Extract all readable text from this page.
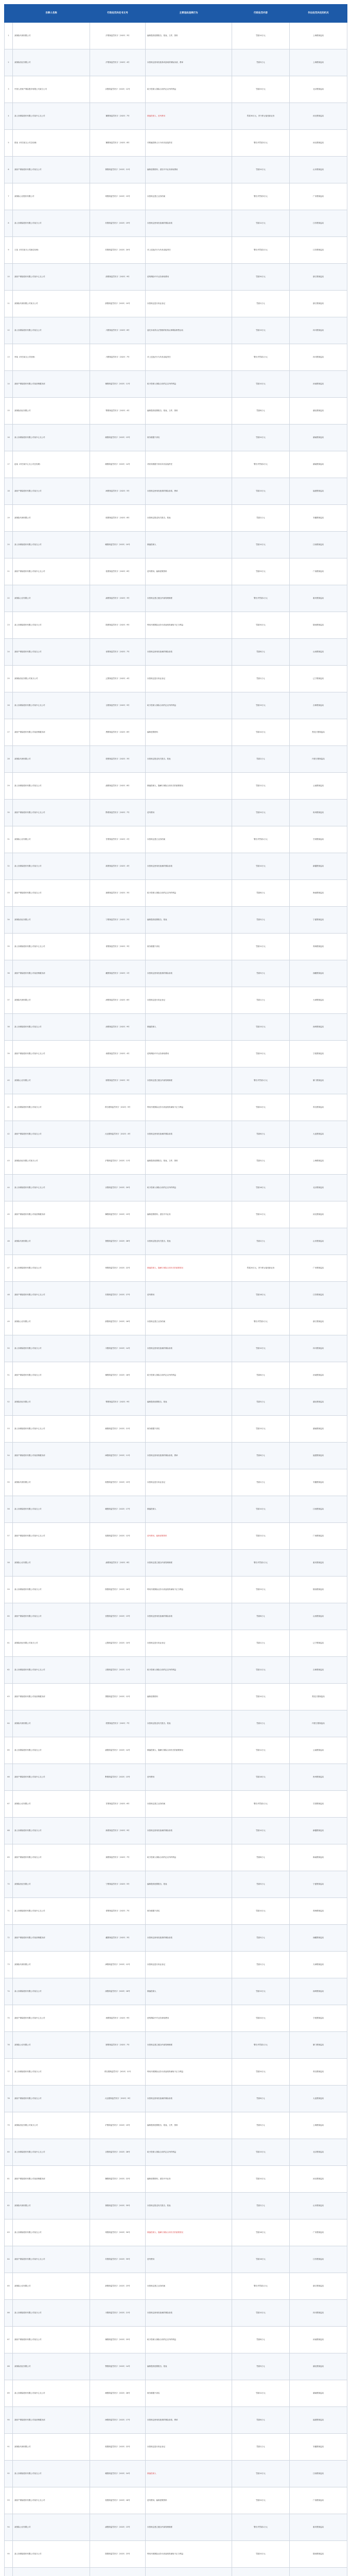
	当事人名称	行政处罚决定书文号	主要违法违规行为	行政处罚内容	作出处罚决定的机关
1	某保险代理有限公司	沪银保监罚决字〔2023〕3号	编制提供虚假报告、报表、文件、资料	罚款10万元	上海银保监局
2	某保险经纪有限公司	沪银保监罚决字〔2023〕4号	未按规定使用经批准或备案的保险条款、费率	罚款5万元	上海银保监局
3	中国人民财产保险股份有限公司某分公司	京银保监罚决字〔2023〕12号	给予投保人保险合同约定以外的利益	罚款25万元	北京银保监局
4	某人寿保险股份有限公司某中心支公司	冀银保监罚决字〔2023〕7号	欺骗投保人、虚列费用	罚款30万元，责令停止接受新业务	河北银保监局
5	张某（时任某支公司总经理）	冀银保监罚决字〔2023〕8号	对欺骗投保人行为负有直接责任	警告并罚款3万元	河北银保监局
6	某财产保险股份有限公司某支公司	鲁银保监罚决字〔2023〕21号	编制虚假资料、虚挂中介业务套取费用	罚款20万元	山东银保监局
7	某保险公估股份有限公司	粤银保监罚决字〔2023〕15号	未按规定建立业务档案	警告并罚款3万元	广东银保监局
8	某人寿保险股份有限公司某分公司	苏银保监罚决字〔2023〕19号	未按规定使用经备案的保险条款	罚款12万元	江苏银保监局
9	王某（时任某分公司副总经理）	苏银保监罚决字〔2023〕20号	对上述违法行为负有直接责任	警告并罚款2万元	江苏银保监局
10	某财产保险股份有限公司某中心支公司	浙银保监罚决字〔2023〕9号	虚构保险中介业务套取费用	罚款30万元	浙江银保监局
11	某保险代理有限公司某分公司	浙银保监罚决字〔2023〕10号	未按规定进行执业登记	罚款1万元	浙江银保监局
12	某人寿保险股份有限公司某支公司	川银保监罚决字〔2023〕6号	委托未取得合法资格的机构从事保险销售活动	罚款15万元	四川银保监局
13	李某（时任某支公司经理）	川银保监罚决字〔2023〕7号	对上述违法行为负有直接责任	警告并罚款1万元	四川银保监局
14	某财产保险股份有限公司某营销服务部	豫银保监罚决字〔2023〕11号	给予投保人保险合同约定以外的利益	罚款10万元	河南银保监局
15	某保险经纪有限公司	鄂银保监罚决字〔2023〕4号	编制提供虚假报告、报表、文件、资料	罚款8万元	湖北银保监局
16	某人寿保险股份有限公司某中心支公司	湘银保监罚决字〔2023〕13号	财务数据不真实	罚款20万元	湖南银保监局
17	赵某（时任某中心支公司总经理）	湘银保监罚决字〔2023〕14号	对财务数据不真实负有直接责任	警告并罚款2万元	湖南银保监局
18	某财产保险股份有限公司某分公司	闽银保监罚决字〔2023〕5号	未按规定使用经批准的保险条款、费率	罚款15万元	福建银保监局
19	某保险代理有限公司	皖银保监罚决字〔2023〕8号	未按规定报送有关报告、报表	罚款2万元	安徽银保监局
20	某人寿保险股份有限公司某支公司	赣银保监罚决字〔2023〕10号	欺骗投保人	罚款10万元	江西银保监局
21	某财产保险股份有限公司某中心支公司	桂银保监罚决字〔2023〕6号	虚列费用、编制虚假资料	罚款25万元	广西银保监局
22	某保险公估有限公司	渝银保监罚决字〔2023〕3号	未按规定建立健全内部管理制度	警告并罚款1万元	重庆银保监局
23	某人寿保险股份有限公司某分公司	陕银保监罚决字〔2023〕9号	利用开展保险业务为其他机构谋取不正当利益	罚款30万元	陕西银保监局
24	某财产保险股份有限公司某支公司	晋银保监罚决字〔2023〕7号	未按规定使用经备案的保险条款	罚款8万元	山西银保监局
25	某保险经纪有限公司某分公司	辽银保监罚决字〔2023〕4号	未按规定进行执业登记	罚款1万元	辽宁银保监局
26	某人寿保险股份有限公司某中心支公司	吉银保监罚决字〔2023〕5号	给予投保人保险合同约定以外的利益	罚款15万元	吉林银保监局
27	某财产保险股份有限公司某营销服务部	黑银保监罚决字〔2023〕6号	编制虚假资料	罚款10万元	黑龙江银保监局
28	某保险代理有限公司	蒙银保监罚决字〔2023〕3号	未按规定报送有关报告、报表	罚款2万元	内蒙古银保监局
29	某人寿保险股份有限公司某支公司	滇银保监罚决字〔2023〕8号	欺骗投保人、隐瞒与保险合同有关的重要情况	罚款12万元	云南银保监局
30	某财产保险股份有限公司某中心支公司	黔银保监罚决字〔2023〕7号	虚列费用	罚款20万元	贵州银保监局
31	某保险公估有限公司	甘银保监罚决字〔2023〕2号	未按规定建立业务档案	警告并罚款1万元	甘肃银保监局
32	某人寿保险股份有限公司某分公司	新银保监罚决字〔2023〕4号	未按规定使用经备案的保险条款	罚款10万元	新疆银保监局
33	某财产保险股份有限公司某支公司	琼银保监罚决字〔2023〕3号	给予投保人保险合同约定以外的利益	罚款8万元	海南银保监局
34	某保险经纪有限公司	宁银保监罚决字〔2023〕2号	编制提供虚假报告、报表	罚款5万元	宁夏银保监局
35	某人寿保险股份有限公司某中心支公司	青银保监罚决字〔2023〕3号	财务数据不真实	罚款12万元	青海银保监局
36	某财产保险股份有限公司某营销服务部	藏银保监罚决字〔2023〕1号	未按规定使用经批准的保险条款	罚款5万元	西藏银保监局
37	某保险代理有限公司	津银保监罚决字〔2023〕6号	未按规定进行执业登记	罚款1万元	天津银保监局
38	某人寿保险股份有限公司某支公司	深银保监罚决字〔2023〕9号	欺骗投保人	罚款15万元	深圳银保监局
39	某财产保险股份有限公司某中心支公司	甬银保监罚决字〔2023〕4号	虚构保险中介业务套取费用	罚款25万元	宁波银保监局
40	某保险公估有限公司	厦银保监罚决字〔2023〕3号	未按规定建立健全内部管理制度	警告并罚款1万元	厦门银保监局
41	某人寿保险股份有限公司某分公司	青岛银保监罚决字〔2023〕5号	利用开展保险业务为其他机构谋取不正当利益	罚款20万元	青岛银保监局
42	某财产保险股份有限公司某支公司	大连银保监罚决字〔2023〕4号	未按规定使用经备案的保险条款	罚款6万元	大连银保监局
43	某保险经纪有限公司某分公司	沪银保监罚决字〔2023〕11号	编制提供虚假报告、报表、文件、资料	罚款5万元	上海银保监局
44	某人寿保险股份有限公司某中心支公司	京银保监罚决字〔2023〕20号	给予投保人保险合同约定以外的利益	罚款18万元	北京银保监局
45	某财产保险股份有限公司某营销服务部	冀银保监罚决字〔2023〕15号	编制虚假资料、虚挂中介业务	罚款12万元	河北银保监局
46	某保险代理有限公司	鲁银保监罚决字〔2023〕28号	未按规定报送有关报告、报表	罚款2万元	山东银保监局
47	某人寿保险股份有限公司某支公司	粤银保监罚决字〔2023〕22号	欺骗投保人、隐瞒与保险合同有关的重要情况	罚款20万元，责令停止接受新业务	广东银保监局
48	某财产保险股份有限公司某中心支公司	苏银保监罚决字〔2023〕27号	虚列费用	罚款18万元	江苏银保监局
49	某保险公估有限公司	浙银保监罚决字〔2023〕16号	未按规定建立业务档案	警告并罚款1万元	浙江银保监局
50	某人寿保险股份有限公司某分公司	川银保监罚决字〔2023〕14号	未按规定使用经备案的保险条款	罚款10万元	四川银保监局
51	某财产保险股份有限公司某支公司	豫银保监罚决字〔2023〕18号	给予投保人保险合同约定以外的利益	罚款8万元	河南银保监局
52	某保险经纪有限公司	鄂银保监罚决字〔2023〕9号	编制提供虚假报告、报表	罚款5万元	湖北银保监局
53	某人寿保险股份有限公司某中心支公司	湘银保监罚决字〔2023〕21号	财务数据不真实	罚款15万元	湖南银保监局
54	某财产保险股份有限公司某营销服务部	闽银保监罚决字〔2023〕11号	未按规定使用经批准的保险条款、费率	罚款6万元	福建银保监局
55	某保险代理有限公司	皖银保监罚决字〔2023〕15号	未按规定进行执业登记	罚款1万元	安徽银保监局
56	某人寿保险股份有限公司某支公司	赣银保监罚决字〔2023〕17号	欺骗投保人	罚款10万元	江西银保监局
57	某财产保险股份有限公司某中心支公司	桂银保监罚决字〔2023〕12号	虚列费用、编制虚假资料	罚款22万元	广西银保监局
58	某保险公估有限公司	渝银保监罚决字〔2023〕8号	未按规定建立健全内部管理制度	警告并罚款1万元	重庆银保监局
59	某人寿保险股份有限公司某分公司	陕银保监罚决字〔2023〕16号	利用开展保险业务为其他机构谋取不正当利益	罚款25万元	陕西银保监局
60	某财产保险股份有限公司某支公司	晋银保监罚决字〔2023〕13号	未按规定使用经备案的保险条款	罚款8万元	山西银保监局
61	某保险经纪有限公司某分公司	辽银保监罚决字〔2023〕10号	未按规定进行执业登记	罚款1万元	辽宁银保监局
62	某人寿保险股份有限公司某中心支公司	吉银保监罚决字〔2023〕11号	给予投保人保险合同约定以外的利益	罚款12万元	吉林银保监局
63	某财产保险股份有限公司某营销服务部	黑银保监罚决字〔2023〕12号	编制虚假资料	罚款10万元	黑龙江银保监局
64	某保险代理有限公司	蒙银保监罚决字〔2023〕7号	未按规定报送有关报告、报表	罚款2万元	内蒙古银保监局
65	某人寿保险股份有限公司某支公司	滇银保监罚决字〔2023〕14号	欺骗投保人、隐瞒与保险合同有关的重要情况	罚款12万元	云南银保监局
66	某财产保险股份有限公司某中心支公司	黔银保监罚决字〔2023〕13号	虚列费用	罚款18万元	贵州银保监局
67	某保险公估有限公司	甘银保监罚决字〔2023〕6号	未按规定建立业务档案	警告并罚款1万元	甘肃银保监局
68	某人寿保险股份有限公司某分公司	新银保监罚决字〔2023〕9号	未按规定使用经备案的保险条款	罚款10万元	新疆银保监局
69	某财产保险股份有限公司某支公司	琼银保监罚决字〔2023〕7号	给予投保人保险合同约定以外的利益	罚款8万元	海南银保监局
70	某保险经纪有限公司	宁银保监罚决字〔2023〕5号	编制提供虚假报告、报表	罚款5万元	宁夏银保监局
71	某人寿保险股份有限公司某中心支公司	青银保监罚决字〔2023〕7号	财务数据不真实	罚款10万元	青海银保监局
72	某财产保险股份有限公司某营销服务部	藏银保监罚决字〔2023〕3号	未按规定使用经批准的保险条款	罚款5万元	西藏银保监局
73	某保险代理有限公司	津银保监罚决字〔2023〕12号	未按规定进行执业登记	罚款1万元	天津银保监局
74	某人寿保险股份有限公司某支公司	深银保监罚决字〔2023〕16号	欺骗投保人	罚款15万元	深圳银保监局
75	某财产保险股份有限公司某中心支公司	甬银保监罚决字〔2023〕9号	虚构保险中介业务套取费用	罚款20万元	宁波银保监局
76	某保险公估有限公司	厦银保监罚决字〔2023〕7号	未按规定建立健全内部管理制度	警告并罚款1万元	厦门银保监局
77	某人寿保险股份有限公司某分公司	青岛银保监罚决字〔2023〕11号	利用开展保险业务为其他机构谋取不正当利益	罚款20万元	青岛银保监局
78	某财产保险股份有限公司某支公司	大连银保监罚决字〔2023〕9号	未按规定使用经备案的保险条款	罚款6万元	大连银保监局
79	某保险经纪有限公司某分公司	沪银保监罚决字〔2023〕19号	编制提供虚假报告、报表、文件、资料	罚款5万元	上海银保监局
80	某人寿保险股份有限公司某中心支公司	京银保监罚决字〔2023〕28号	给予投保人保险合同约定以外的利益	罚款15万元	北京银保监局
81	某财产保险股份有限公司某营销服务部	冀银保监罚决字〔2023〕22号	编制虚假资料、虚挂中介业务	罚款10万元	河北银保监局
82	某保险代理有限公司	鲁银保监罚决字〔2023〕35号	未按规定报送有关报告、报表	罚款2万元	山东银保监局
83	某人寿保险股份有限公司某支公司	粤银保监罚决字〔2023〕30号	欺骗投保人、隐瞒与保险合同有关的重要情况	罚款18万元	广东银保监局
84	某财产保险股份有限公司某中心支公司	苏银保监罚决字〔2023〕35号	虚列费用	罚款16万元	江苏银保监局
85	某保险公估有限公司	浙银保监罚决字〔2023〕23号	未按规定建立业务档案	警告并罚款1万元	浙江银保监局
86	某人寿保险股份有限公司某分公司	川银保监罚决字〔2023〕21号	未按规定使用经备案的保险条款	罚款10万元	四川银保监局
87	某财产保险股份有限公司某支公司	豫银保监罚决字〔2023〕25号	给予投保人保险合同约定以外的利益	罚款8万元	河南银保监局
88	某保险经纪有限公司	鄂银保监罚决字〔2023〕14号	编制提供虚假报告、报表	罚款5万元	湖北银保监局
89	某人寿保险股份有限公司某中心支公司	湘银保监罚决字〔2023〕28号	财务数据不真实	罚款12万元	湖南银保监局
90	某财产保险股份有限公司某营销服务部	闽银保监罚决字〔2023〕17号	未按规定使用经批准的保险条款、费率	罚款6万元	福建银保监局
91	某保险代理有限公司	皖银保监罚决字〔2023〕22号	未按规定进行执业登记	罚款1万元	安徽银保监局
92	某人寿保险股份有限公司某支公司	赣银保监罚决字〔2023〕24号	欺骗投保人	罚款10万元	江西银保监局
93	某财产保险股份有限公司某中心支公司	桂银保监罚决字〔2023〕18号	虚列费用、编制虚假资料	罚款20万元	广西银保监局
94	某保险公估有限公司	渝银保监罚决字〔2023〕13号	未按规定建立健全内部管理制度	警告并罚款1万元	重庆银保监局
95	某人寿保险股份有限公司某分公司	陕银保监罚决字〔2023〕23号	利用开展保险业务为其他机构谋取不正当利益	罚款20万元	陕西银保监局
